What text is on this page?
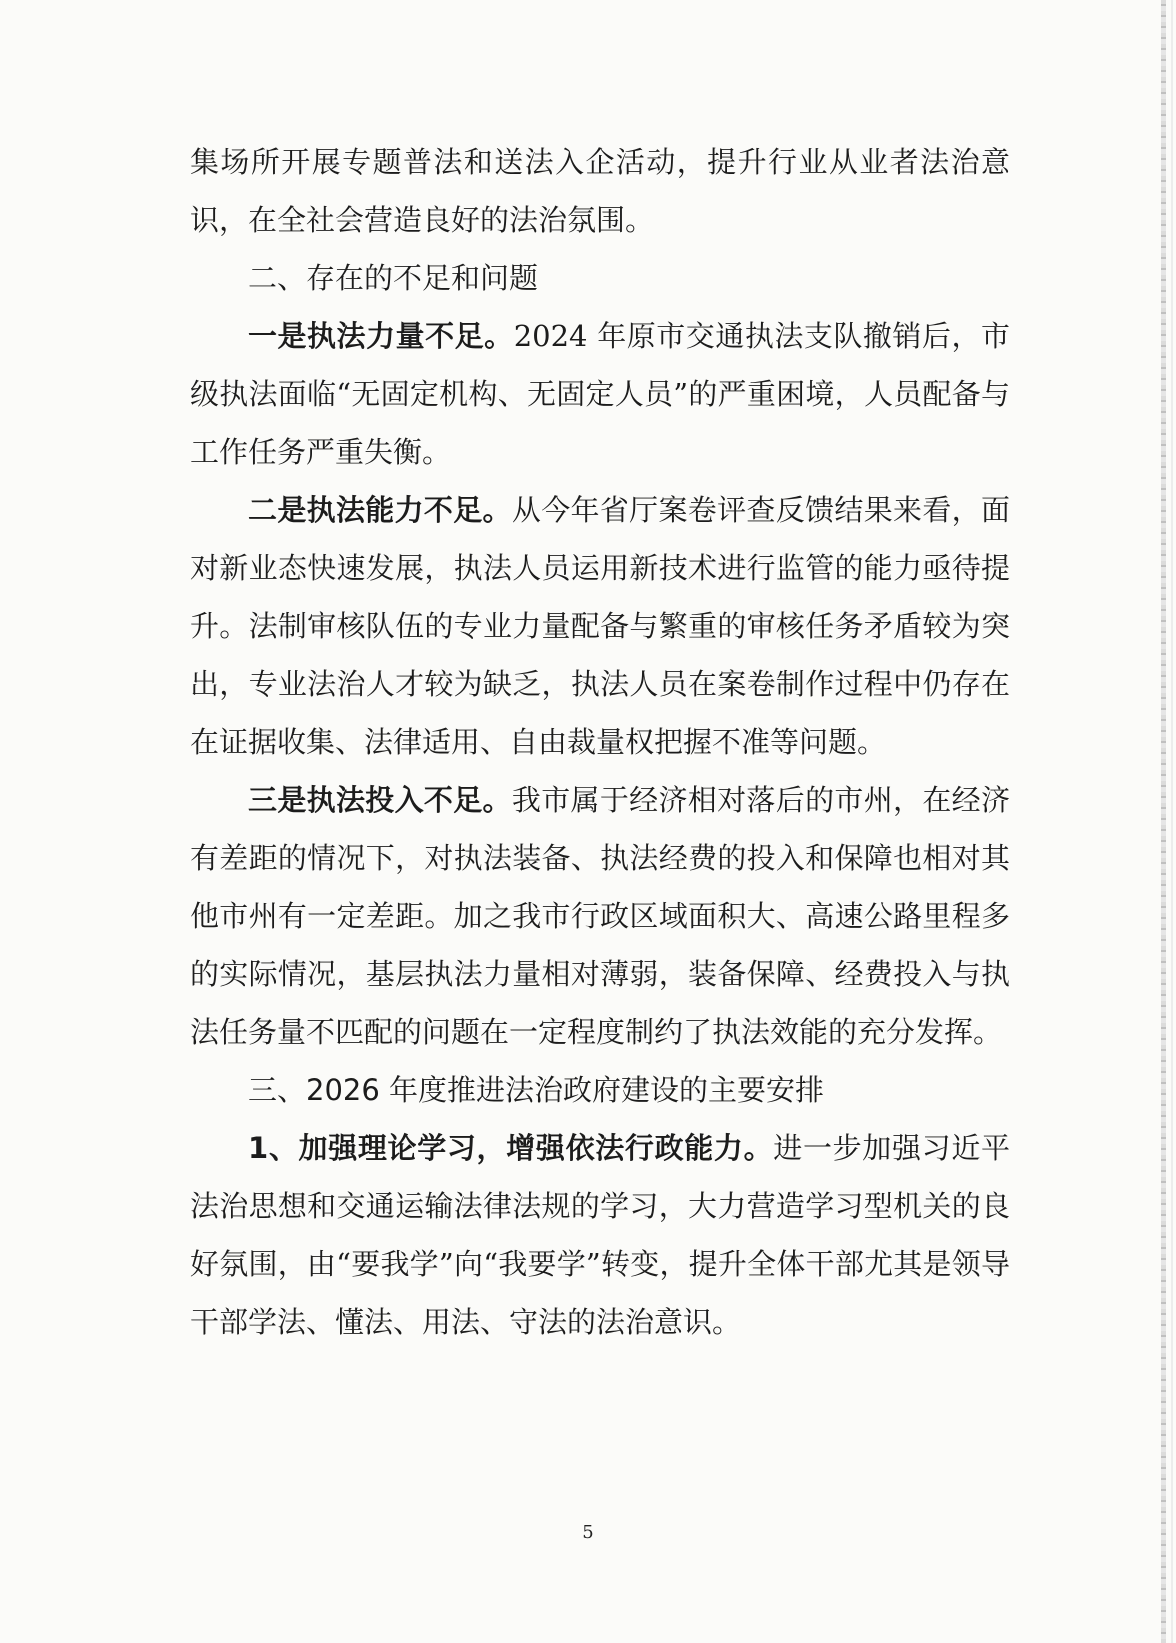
集场所开展专题普法和送法入企活动，提升行业从业者法治意识，在全社会营造良好的法治氛围。

二、存在的不足和问题

一是执法力量不足。2024 年原市交通执法支队撤销后，市级执法面临“无固定机构、无固定人员”的严重困境，人员配备与工作任务严重失衡。

二是执法能力不足。从今年省厅案卷评查反馈结果来看，面对新业态快速发展，执法人员运用新技术进行监管的能力亟待提升。法制审核队伍的专业力量配备与繁重的审核任务矛盾较为突出，专业法治人才较为缺乏，执法人员在案卷制作过程中仍存在在证据收集、法律适用、自由裁量权把握不准等问题。

三是执法投入不足。我市属于经济相对落后的市州，在经济有差距的情况下，对执法装备、执法经费的投入和保障也相对其他市州有一定差距。加之我市行政区域面积大、高速公路里程多的实际情况，基层执法力量相对薄弱，装备保障、经费投入与执法任务量不匹配的问题在一定程度制约了执法效能的充分发挥。

三、2026 年度推进法治政府建设的主要安排

1、加强理论学习，增强依法行政能力。进一步加强习近平法治思想和交通运输法律法规的学习，大力营造学习型机关的良好氛围，由“要我学”向“我要学”转变，提升全体干部尤其是领导干部学法、懂法、用法、守法的法治意识。

5
